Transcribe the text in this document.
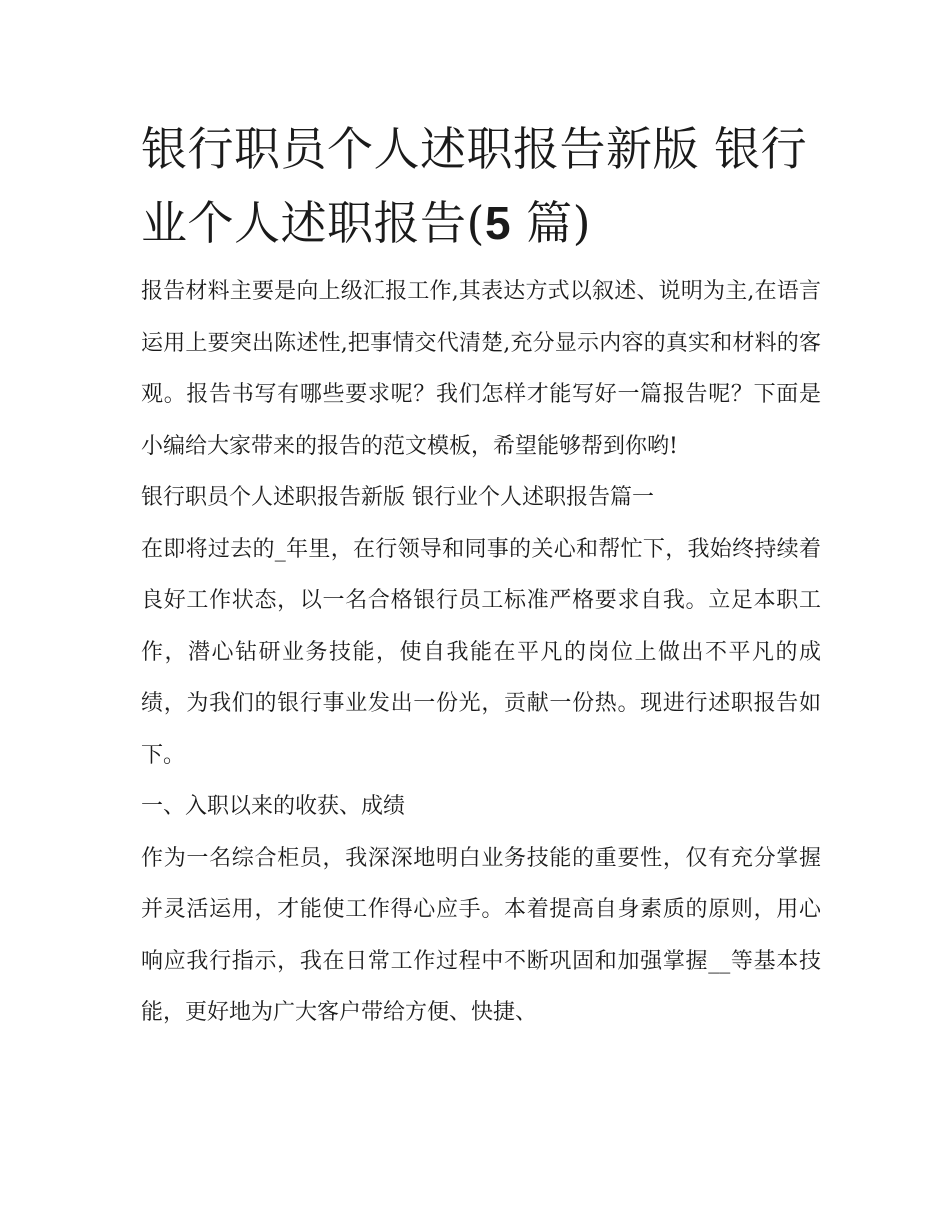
银行职员个人述职报告新版 银行业个人述职报告(5 篇)

报告材料主要是向上级汇报工作,其表达方式以叙述、说明为主,在语言运用上要突出陈述性,把事情交代清楚,充分显示内容的真实和材料的客观。报告书写有哪些要求呢？我们怎样才能写好一篇报告呢？下面是小编给大家带来的报告的范文模板，希望能够帮到你哟!

银行职员个人述职报告新版 银行业个人述职报告篇一

在即将过去的_年里，在行领导和同事的关心和帮忙下，我始终持续着良好工作状态，以一名合格银行员工标准严格要求自我。立足本职工作，潜心钻研业务技能，使自我能在平凡的岗位上做出不平凡的成绩，为我们的银行事业发出一份光，贡献一份热。现进行述职报告如下。

一、入职以来的收获、成绩

作为一名综合柜员，我深深地明白业务技能的重要性，仅有充分掌握并灵活运用，才能使工作得心应手。本着提高自身素质的原则，用心响应我行指示，我在日常工作过程中不断巩固和加强掌握__等基本技能，更好地为广大客户带给方便、快捷、
